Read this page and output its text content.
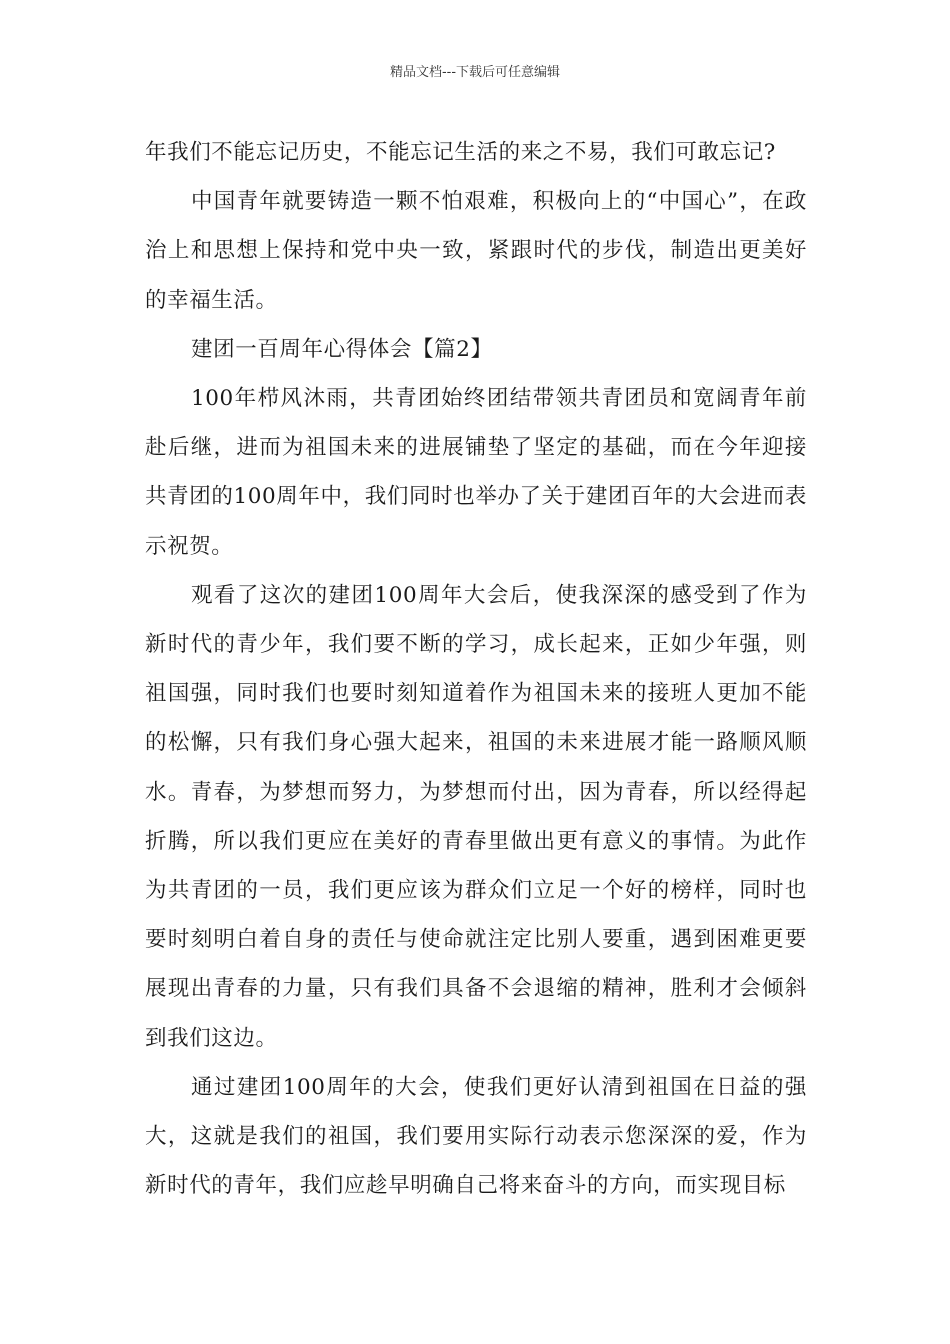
精品文档---下载后可任意编辑

年我们不能忘记历史，不能忘记生活的来之不易，我们可敢忘记?

中国青年就要铸造一颗不怕艰难，积极向上的“中国心”，在政治上和思想上保持和党中央一致，紧跟时代的步伐，制造出更美好的幸福生活。

建团一百周年心得体会【篇2】

100年栉风沐雨，共青团始终团结带领共青团员和宽阔青年前赴后继，进而为祖国未来的进展铺垫了坚定的基础，而在今年迎接共青团的100周年中，我们同时也举办了关于建团百年的大会进而表示祝贺。

观看了这次的建团100周年大会后，使我深深的感受到了作为新时代的青少年，我们要不断的学习，成长起来，正如少年强，则祖国强，同时我们也要时刻知道着作为祖国未来的接班人更加不能的松懈，只有我们身心强大起来，祖国的未来进展才能一路顺风顺水。青春，为梦想而努力，为梦想而付出，因为青春，所以经得起折腾，所以我们更应在美好的青春里做出更有意义的事情。为此作为共青团的一员，我们更应该为群众们立足一个好的榜样，同时也要时刻明白着自身的责任与使命就注定比别人要重，遇到困难更要展现出青春的力量，只有我们具备不会退缩的精神，胜利才会倾斜到我们这边。

通过建团100周年的大会，使我们更好认清到祖国在日益的强大，这就是我们的祖国，我们要用实际行动表示您深深的爱，作为新时代的青年，我们应趁早明确自己将来奋斗的方向，而实现目标
